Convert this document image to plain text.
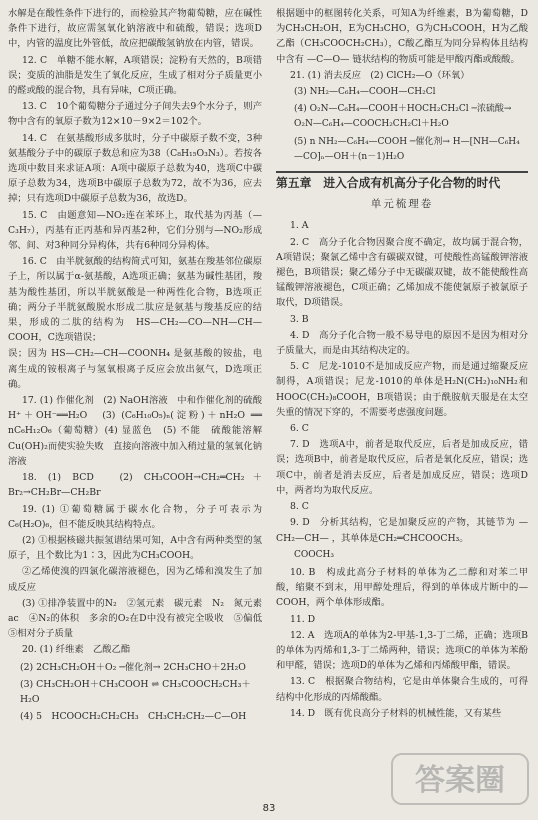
水解是在酸性条件下进行的，而检验其产物葡萄糖，应在碱性条件下进行，故应需氢氧化钠溶液中和硫酸，错误；选项D中，内管的温度比外管低，故应把碳酸氢钠放在内管，错误。

12. C　单糖不能水解，A项错误；淀粉有天然的，B项错误；变质的油脂是发生了氧化反应，生成了相对分子质量更小的醛或酸的混合物，具有异味，C项正确。

13. C　10个葡萄糖分子通过分子间失去9个水分子，则产物中含有的氧原子数为12×10－9×2＝102个。

14. C　在氨基酸形成多肽时，分子中碳原子数不变，3种氨基酸分子中的碳原子数总和应为38（C₈H₁₅O₃N₃）。若按各选项中数目来求证A项：A项中碳原子总数为40，选项C中碳原子总数为34，选项B中碳原子总数为72，故不为36，应去掉；只有选项D中碳原子总数为36，故选D。

15. C　由题意知—NO₂连在苯环上，取代基为丙基（—C₃H₇），丙基有正丙基和异丙基2种，它们分别与—NO₂形成邻、间、对3种同分异构体，共有6种同分异构体。

16. C　由半胱氨酸的结构简式可知，氨基在羧基邻位碳原子上，所以属于α-氨基酸，A选项正确；氨基为碱性基团，羧基为酸性基团，所以半胱氨酸是一种两性化合物，B选项正确；两分子半胱氨酸脱水形成二肽应是氨基与羧基反应的结果，形成的二肽的结构为　HS—CH₂—CO—NH—CH—COOH，C选项错误；

误；因为 HS—CH₂—CH—COONH₄ 是氨基酸的铵盐，电离生成的铵根离子与氢氧根离子反应会放出氨气，D选项正确。

17. (1) 作催化剂　(2) NaOH溶液　中和作催化剂的硫酸　H⁺＋OH⁻══H₂O　(3) (C₆H₁₀O₅)ₙ(淀粉)＋nH₂O ══ nC₆H₁₂O₆（葡萄糖）(4) 显蓝色　(5) 不能　硫酸能溶解Cu(OH)₂而使实验失败　直接向溶液中加入稍过量的氢氧化钠溶液

18. (1) BCD　(2) CH₃COOH→CH₂═CH₂＋Br₂→CH₂Br—CH₂Br

19. (1) ①葡萄糖属于碳水化合物，分子可表示为C₆(H₂O)₆，但不能反映其结构特点。

(2) ①根据核磁共振氢谱结果可知，A中含有两种类型的氢原子，且个数比为1∶3，因此为CH₃COOH。

②乙烯使溴的四氯化碳溶液褪色，因为乙烯和溴发生了加成反应

(3) ①排净装置中的N₂　②氢元素　碳元素　N₂　氮元素　ac　④N₂的体积　多余的O₂在D中没有被完全吸收　⑤偏低　⑤相对分子质量

20. (1) 纤维素　乙酸乙酯

(2) 2CH₃CH₂OH＋O₂ ─催化剂→ 2CH₃CHO＋2H₂O

(3) CH₃CH₂OH＋CH₃COOH ⇌ CH₃COOCH₂CH₃＋H₂O

(4) 5　HCOOCH₂CH₂CH₃　CH₃CH₂CH₂—C—OH

根据题中的框图转化关系，可知A为纤维素，B为葡萄糖，D为CH₃CH₂OH，E为CH₃CHO，G为CH₃COOH，H为乙酸乙酯（CH₃COOCH₂CH₃），C酸乙酯互为同分异构体且结构中含有 —C—O— 链状结构的物质可能是甲酸丙酯或酸酸。

21. (1) 消去反应　(2) ClCH₂—O（环氧）

(3) NH₂—C₆H₄—COOH—CH₂Cl

(4) O₂N—C₆H₄—COOH＋HOCH₂CH₂Cl ─浓硫酸→ O₂N—C₆H₄—COOCH₂CH₂Cl＋H₂O

(5) n NH₂—C₆H₄—COOH ─催化剂→ H—[NH—C₆H₄—CO]ₙ—OH＋(n－1)H₂O

第五章　进入合成有机高分子化合物的时代
单元梳理卷

1. A

2. C　高分子化合物因聚合度不确定，故均属于混合物，A项错误；聚氯乙烯中含有碳碳双键，可使酸性高锰酸钾溶液褪色，B项错误；聚乙烯分子中无碳碳双键，故不能使酸性高锰酸钾溶液褪色，C项正确；乙烯加成不能使氯原子被氯原子取代，D项错误。

3. B

4. D　高分子化合物一般不易导电的原因不是因为相对分子质量大，而是由其结构决定的。

5. C　尼龙-1010不是加成反应产物，而是通过缩聚反应制得，A项错误；尼龙-1010的单体是H₂N(CH₂)₁₀NH₂和HOOC(CH₂)₈COOH，B项错误；由于酰胺航天服是在太空失重的情况下穿的，不需要考虑强度问题。

6. C

7. D　选项A中，前者是取代反应，后者是加成反应，错误；选项B中，前者是取代反应，后者是氧化反应，错误；选项C中，前者是消去反应，后者是加成反应，错误；选项D中，两者均为取代反应。

8. C

9. D　分析其结构，它是加聚反应的产物，其链节为 —CH₂—CH— ，其单体是CH₂═CHCOOCH₃。

COOCH₃

10. B　构成此高分子材料的单体为乙二醇和对苯二甲酸，缩聚不到末，用甲醇处理后，得到的单体成片断中的—COOH，两个单体形成酯。

11. D

12. A　选项A的单体为2-甲基-1,3-丁二烯，正确；选项B的单体为丙烯和1,3-丁二烯两种，错误；选项C的单体为苯酚和甲醛，错误；选项D的单体为乙烯和丙烯酸甲酯，错误。

13. C　根据聚合物结构，它是由单体聚合生成的，可得结构中化形成的丙烯酸酯。

14. D　既有优良高分子材料的机械性能，又有某些

答案圈
83
